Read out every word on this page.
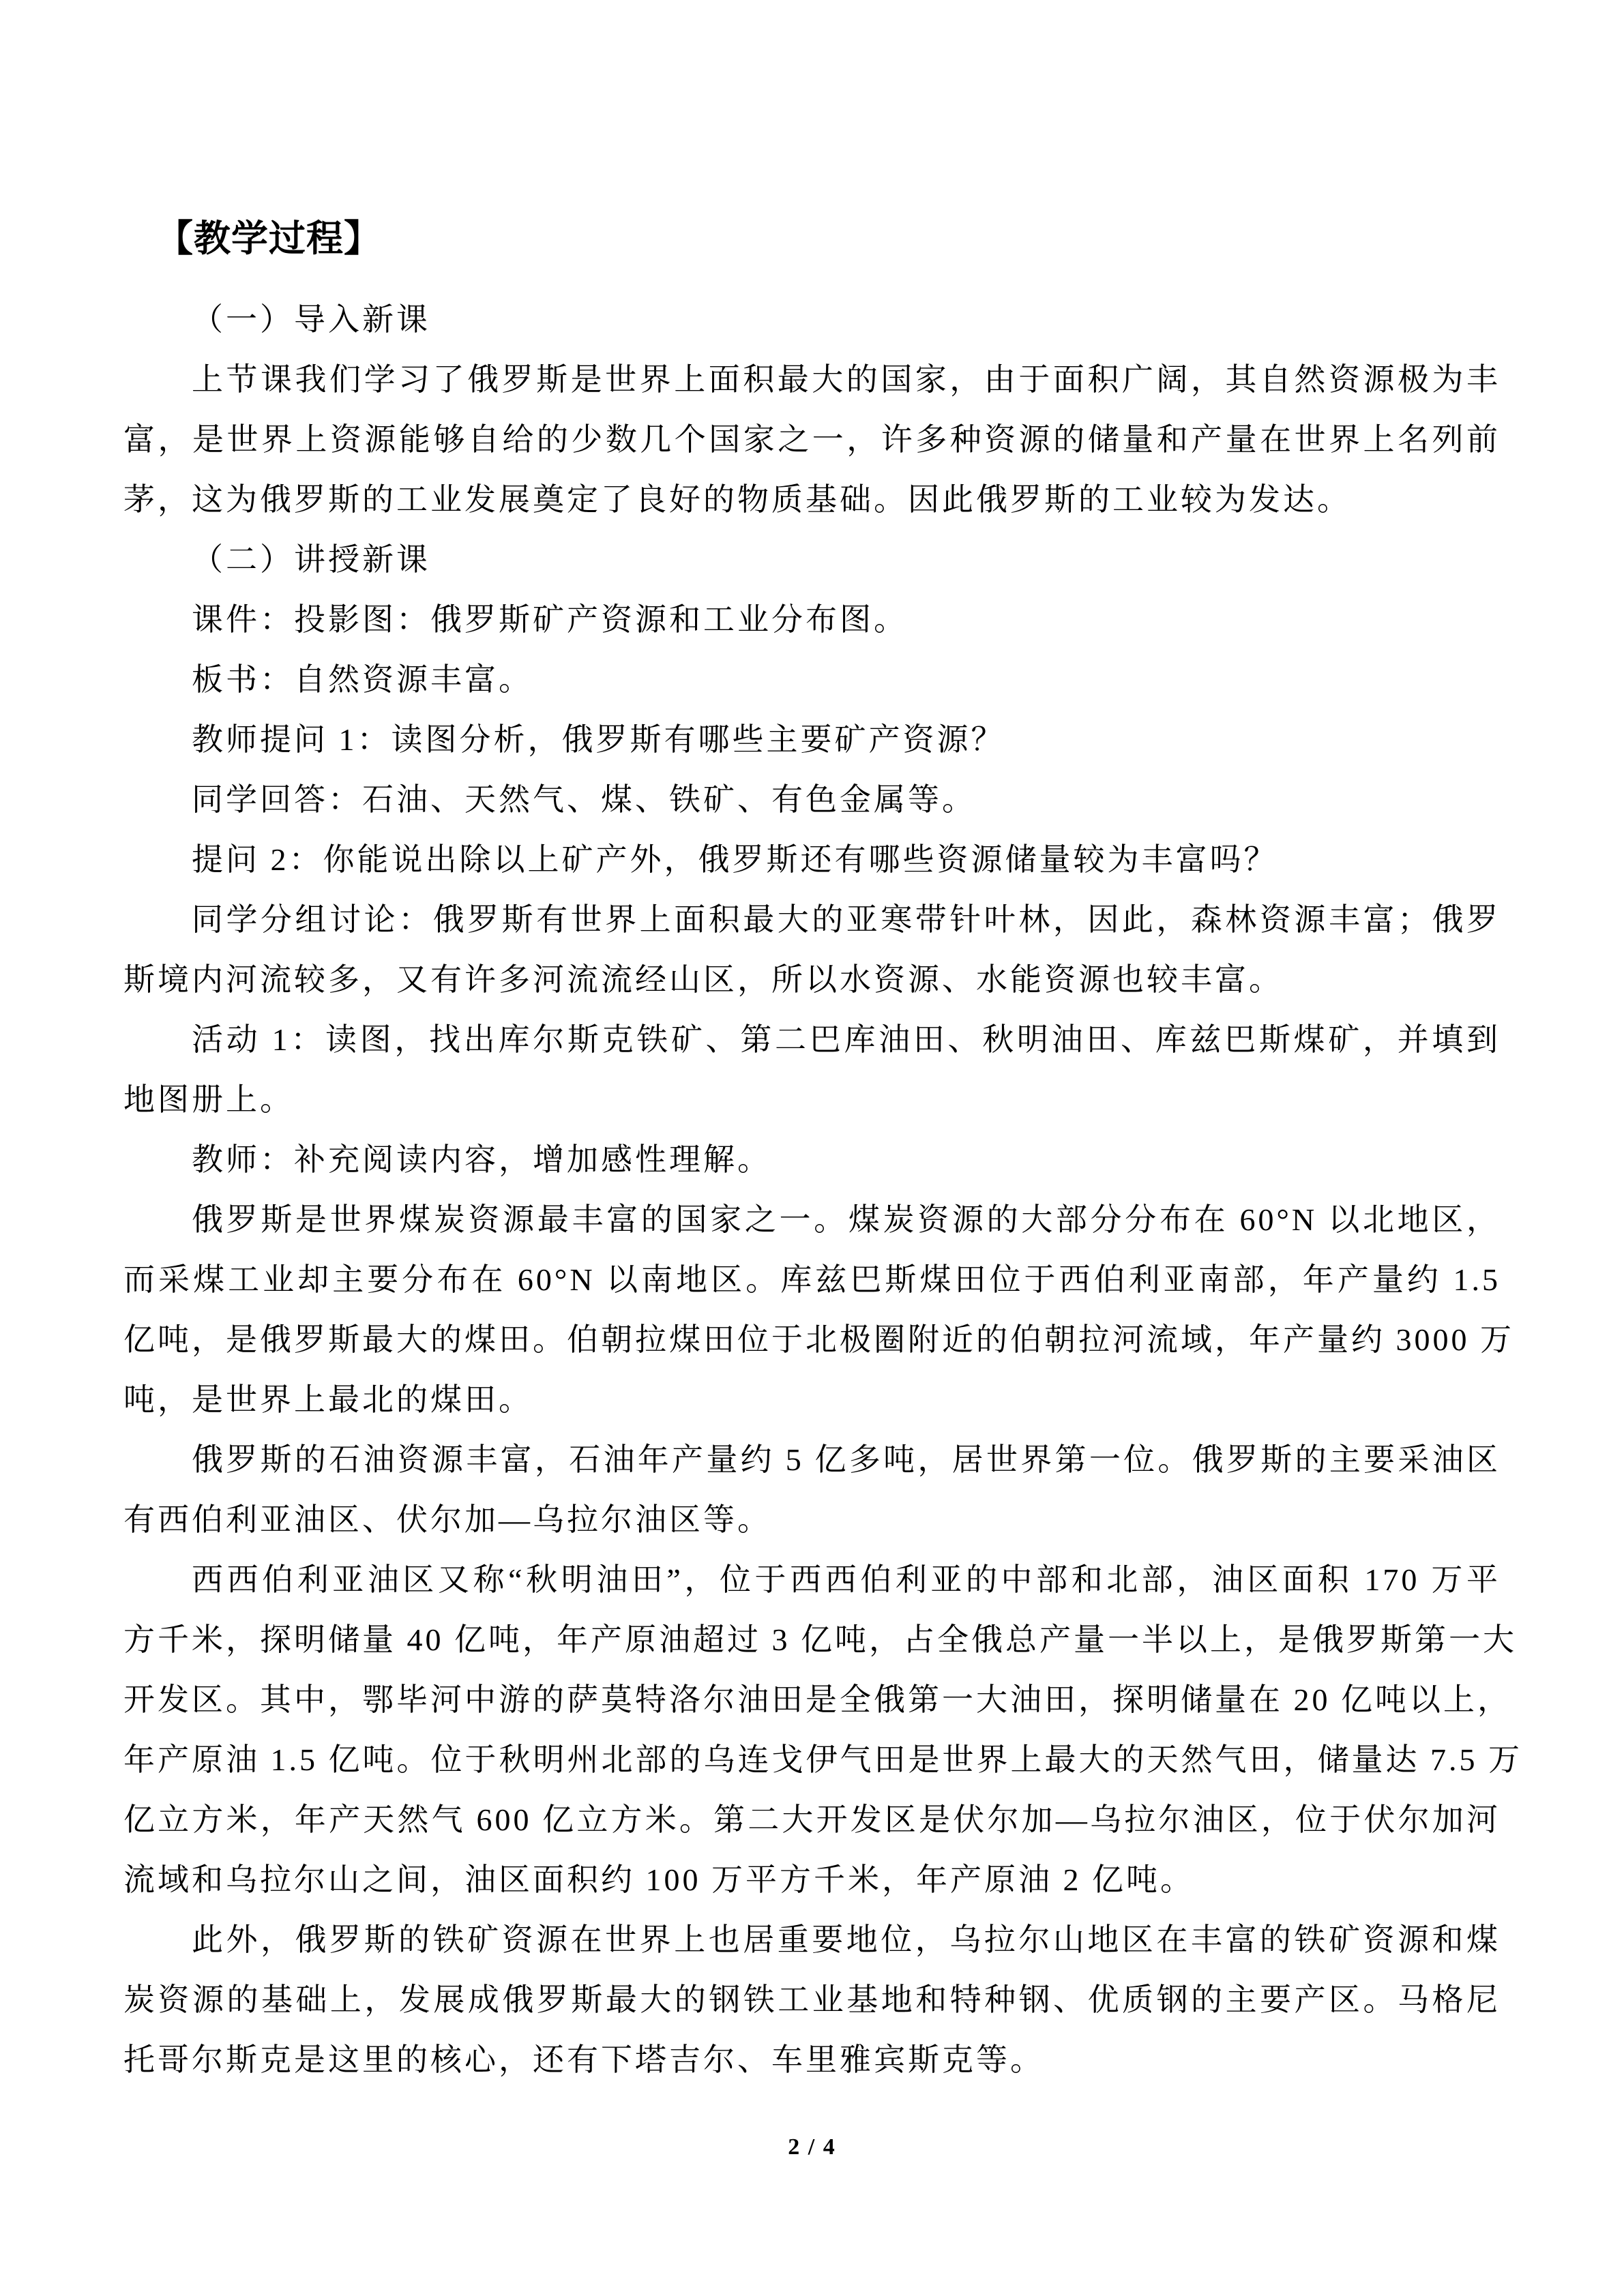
【教学过程】
（一）导入新课
上节课我们学习了俄罗斯是世界上面积最大的国家，由于面积广阔，其自然资源极为丰
富，是世界上资源能够自给的少数几个国家之一，许多种资源的储量和产量在世界上名列前
茅，这为俄罗斯的工业发展奠定了良好的物质基础。因此俄罗斯的工业较为发达。
（二）讲授新课
课件：投影图：俄罗斯矿产资源和工业分布图。
板书：自然资源丰富。
教师提问 1：读图分析，俄罗斯有哪些主要矿产资源？
同学回答：石油、天然气、煤、铁矿、有色金属等。
提问 2：你能说出除以上矿产外，俄罗斯还有哪些资源储量较为丰富吗？
同学分组讨论：俄罗斯有世界上面积最大的亚寒带针叶林，因此，森林资源丰富；俄罗
斯境内河流较多，又有许多河流流经山区，所以水资源、水能资源也较丰富。
活动 1：读图，找出库尔斯克铁矿、第二巴库油田、秋明油田、库兹巴斯煤矿，并填到
地图册上。
教师：补充阅读内容，增加感性理解。
俄罗斯是世界煤炭资源最丰富的国家之一。煤炭资源的大部分分布在 60°N 以北地区，
而采煤工业却主要分布在 60°N 以南地区。库兹巴斯煤田位于西伯利亚南部，年产量约 1.5
亿吨，是俄罗斯最大的煤田。伯朝拉煤田位于北极圈附近的伯朝拉河流域，年产量约 3000 万
吨，是世界上最北的煤田。
俄罗斯的石油资源丰富，石油年产量约 5 亿多吨，居世界第一位。俄罗斯的主要采油区
有西伯利亚油区、伏尔加—乌拉尔油区等。
西西伯利亚油区又称“秋明油田”，位于西西伯利亚的中部和北部，油区面积 170 万平
方千米，探明储量 40 亿吨，年产原油超过 3 亿吨，占全俄总产量一半以上，是俄罗斯第一大
开发区。其中，鄂毕河中游的萨莫特洛尔油田是全俄第一大油田，探明储量在 20 亿吨以上，
年产原油 1.5 亿吨。位于秋明州北部的乌连戈伊气田是世界上最大的天然气田，储量达 7.5 万
亿立方米，年产天然气 600 亿立方米。第二大开发区是伏尔加—乌拉尔油区，位于伏尔加河
流域和乌拉尔山之间，油区面积约 100 万平方千米，年产原油 2 亿吨。
此外，俄罗斯的铁矿资源在世界上也居重要地位，乌拉尔山地区在丰富的铁矿资源和煤
炭资源的基础上，发展成俄罗斯最大的钢铁工业基地和特种钢、优质钢的主要产区。马格尼
托哥尔斯克是这里的核心，还有下塔吉尔、车里雅宾斯克等。
2 / 4
